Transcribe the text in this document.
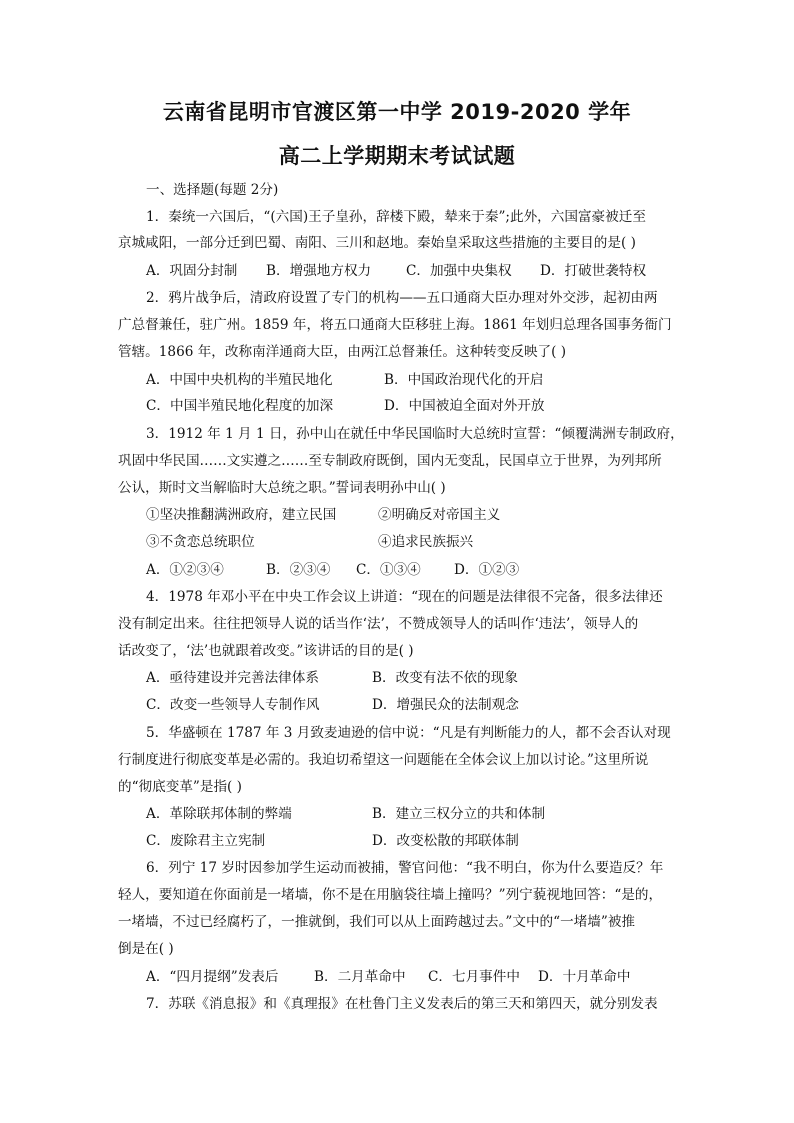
云南省昆明市官渡区第一中学 2019-2020 学年
高二上学期期末考试试题
一、选择题(每题 2分)
1．秦统一六国后，“(六国)王子皇孙，辞楼下殿，辇来于秦”;此外，六国富豪被迁至
京城咸阳，一部分迁到巴蜀、南阳、三川和赵地。秦始皇采取这些措施的主要目的是( )
A．巩固分封制 B．增强地方权力	C．加强中央集权 D．打破世袭特权
2．鸦片战争后，清政府设置了专门的机构——五口通商大臣办理对外交涉，起初由两
广总督兼任，驻广州。1859 年，将五口通商大臣移驻上海。1861 年划归总理各国事务衙门
管辖。1866 年，改称南洋通商大臣，由两江总督兼任。这种转变反映了( )
A．中国中央机构的半殖民地化	B．中国政治现代化的开启
C．中国半殖民地化程度的加深	D．中国被迫全面对外开放
3．1912 年 1 月 1 日，孙中山在就任中华民国临时大总统时宣誓：“倾覆满洲专制政府，
巩固中华民国……文实遵之……至专制政府既倒，国内无变乱，民国卓立于世界，为列邦所
公认，斯时文当解临时大总统之职。”誓词表明孙中山( )
①坚决推翻满洲政府，建立民国	②明确反对帝国主义
③不贪恋总统职位	④追求民族振兴
A．①②③④	B．②③④ C．①③④ D．①②③
4．1978 年邓小平在中央工作会议上讲道：“现在的问题是法律很不完备，很多法律还
没有制定出来。往往把领导人说的话当作‘法’，不赞成领导人的话叫作‘违法’，领导人的
话改变了，‘法’也就跟着改变。”该讲话的目的是( )
A．亟待建设并完善法律体系	B．改变有法不依的现象
C．改变一些领导人专制作风	D．增强民众的法制观念
5．华盛顿在 1787 年 3 月致麦迪逊的信中说：“凡是有判断能力的人，都不会否认对现
行制度进行彻底变革是必需的。我迫切希望这一问题能在全体会议上加以讨论。”这里所说
的“彻底变革”是指( )
A．革除联邦体制的弊端	B．建立三权分立的共和体制
C．废除君主立宪制	D．改变松散的邦联体制
6．列宁 17 岁时因参加学生运动而被捕，警官问他：“我不明白，你为什么要造反？年
轻人，要知道在你面前是一堵墙，你不是在用脑袋往墙上撞吗？”列宁藐视地回答：“是的，
一堵墙，不过已经腐朽了，一推就倒，我们可以从上面跨越过去。”文中的“一堵墙”被推
倒是在( )
A．“四月提纲”发表后	B．二月革命中 C．七月事件中 D．十月革命中
7．苏联《消息报》和《真理报》在杜鲁门主义发表后的第三天和第四天，就分别发表
